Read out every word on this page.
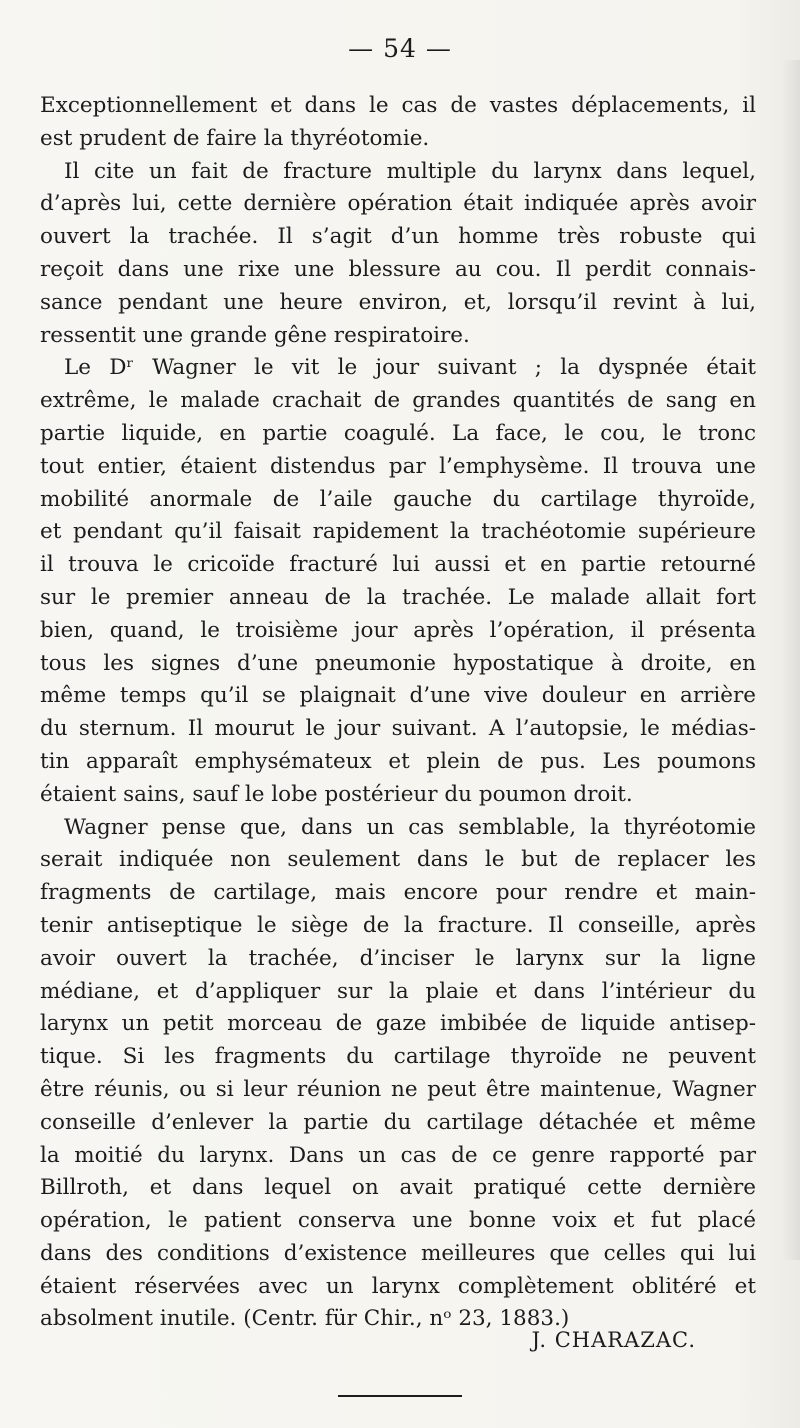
— 54 —
Exceptionnellement et dans le cas de vastes déplacements, il
est prudent de faire la thyréotomie.
Il cite un fait de fracture multiple du larynx dans lequel,
d’après lui, cette dernière opération était indiquée après avoir
ouvert la trachée. Il s’agit d’un homme très robuste qui
reçoit dans une rixe une blessure au cou. Il perdit connais-
sance pendant une heure environ, et, lorsqu’il revint à lui,
ressentit une grande gêne respiratoire.
Le Dʳ Wagner le vit le jour suivant ; la dyspnée était
extrême, le malade crachait de grandes quantités de sang en
partie liquide, en partie coagulé. La face, le cou, le tronc
tout entier, étaient distendus par l’emphysème. Il trouva une
mobilité anormale de l’aile gauche du cartilage thyroïde,
et pendant qu’il faisait rapidement la trachéotomie supérieure
il trouva le cricoïde fracturé lui aussi et en partie retourné
sur le premier anneau de la trachée. Le malade allait fort
bien, quand, le troisième jour après l’opération, il présenta
tous les signes d’une pneumonie hypostatique à droite, en
même temps qu’il se plaignait d’une vive douleur en arrière
du sternum. Il mourut le jour suivant. A l’autopsie, le médias-
tin apparaît emphysémateux et plein de pus. Les poumons
étaient sains, sauf le lobe postérieur du poumon droit.
Wagner pense que, dans un cas semblable, la thyréotomie
serait indiquée non seulement dans le but de replacer les
fragments de cartilage, mais encore pour rendre et main-
tenir antiseptique le siège de la fracture. Il conseille, après
avoir ouvert la trachée, d’inciser le larynx sur la ligne
médiane, et d’appliquer sur la plaie et dans l’intérieur du
larynx un petit morceau de gaze imbibée de liquide antisep-
tique. Si les fragments du cartilage thyroïde ne peuvent
être réunis, ou si leur réunion ne peut être maintenue, Wagner
conseille d’enlever la partie du cartilage détachée et même
la moitié du larynx. Dans un cas de ce genre rapporté par
Billroth, et dans lequel on avait pratiqué cette dernière
opération, le patient conserva une bonne voix et fut placé
dans des conditions d’existence meilleures que celles qui lui
étaient réservées avec un larynx complètement oblitéré et
absolment inutile. (Centr. für Chir., nᵒ 23, 1883.)
J. CHARAZAC.
